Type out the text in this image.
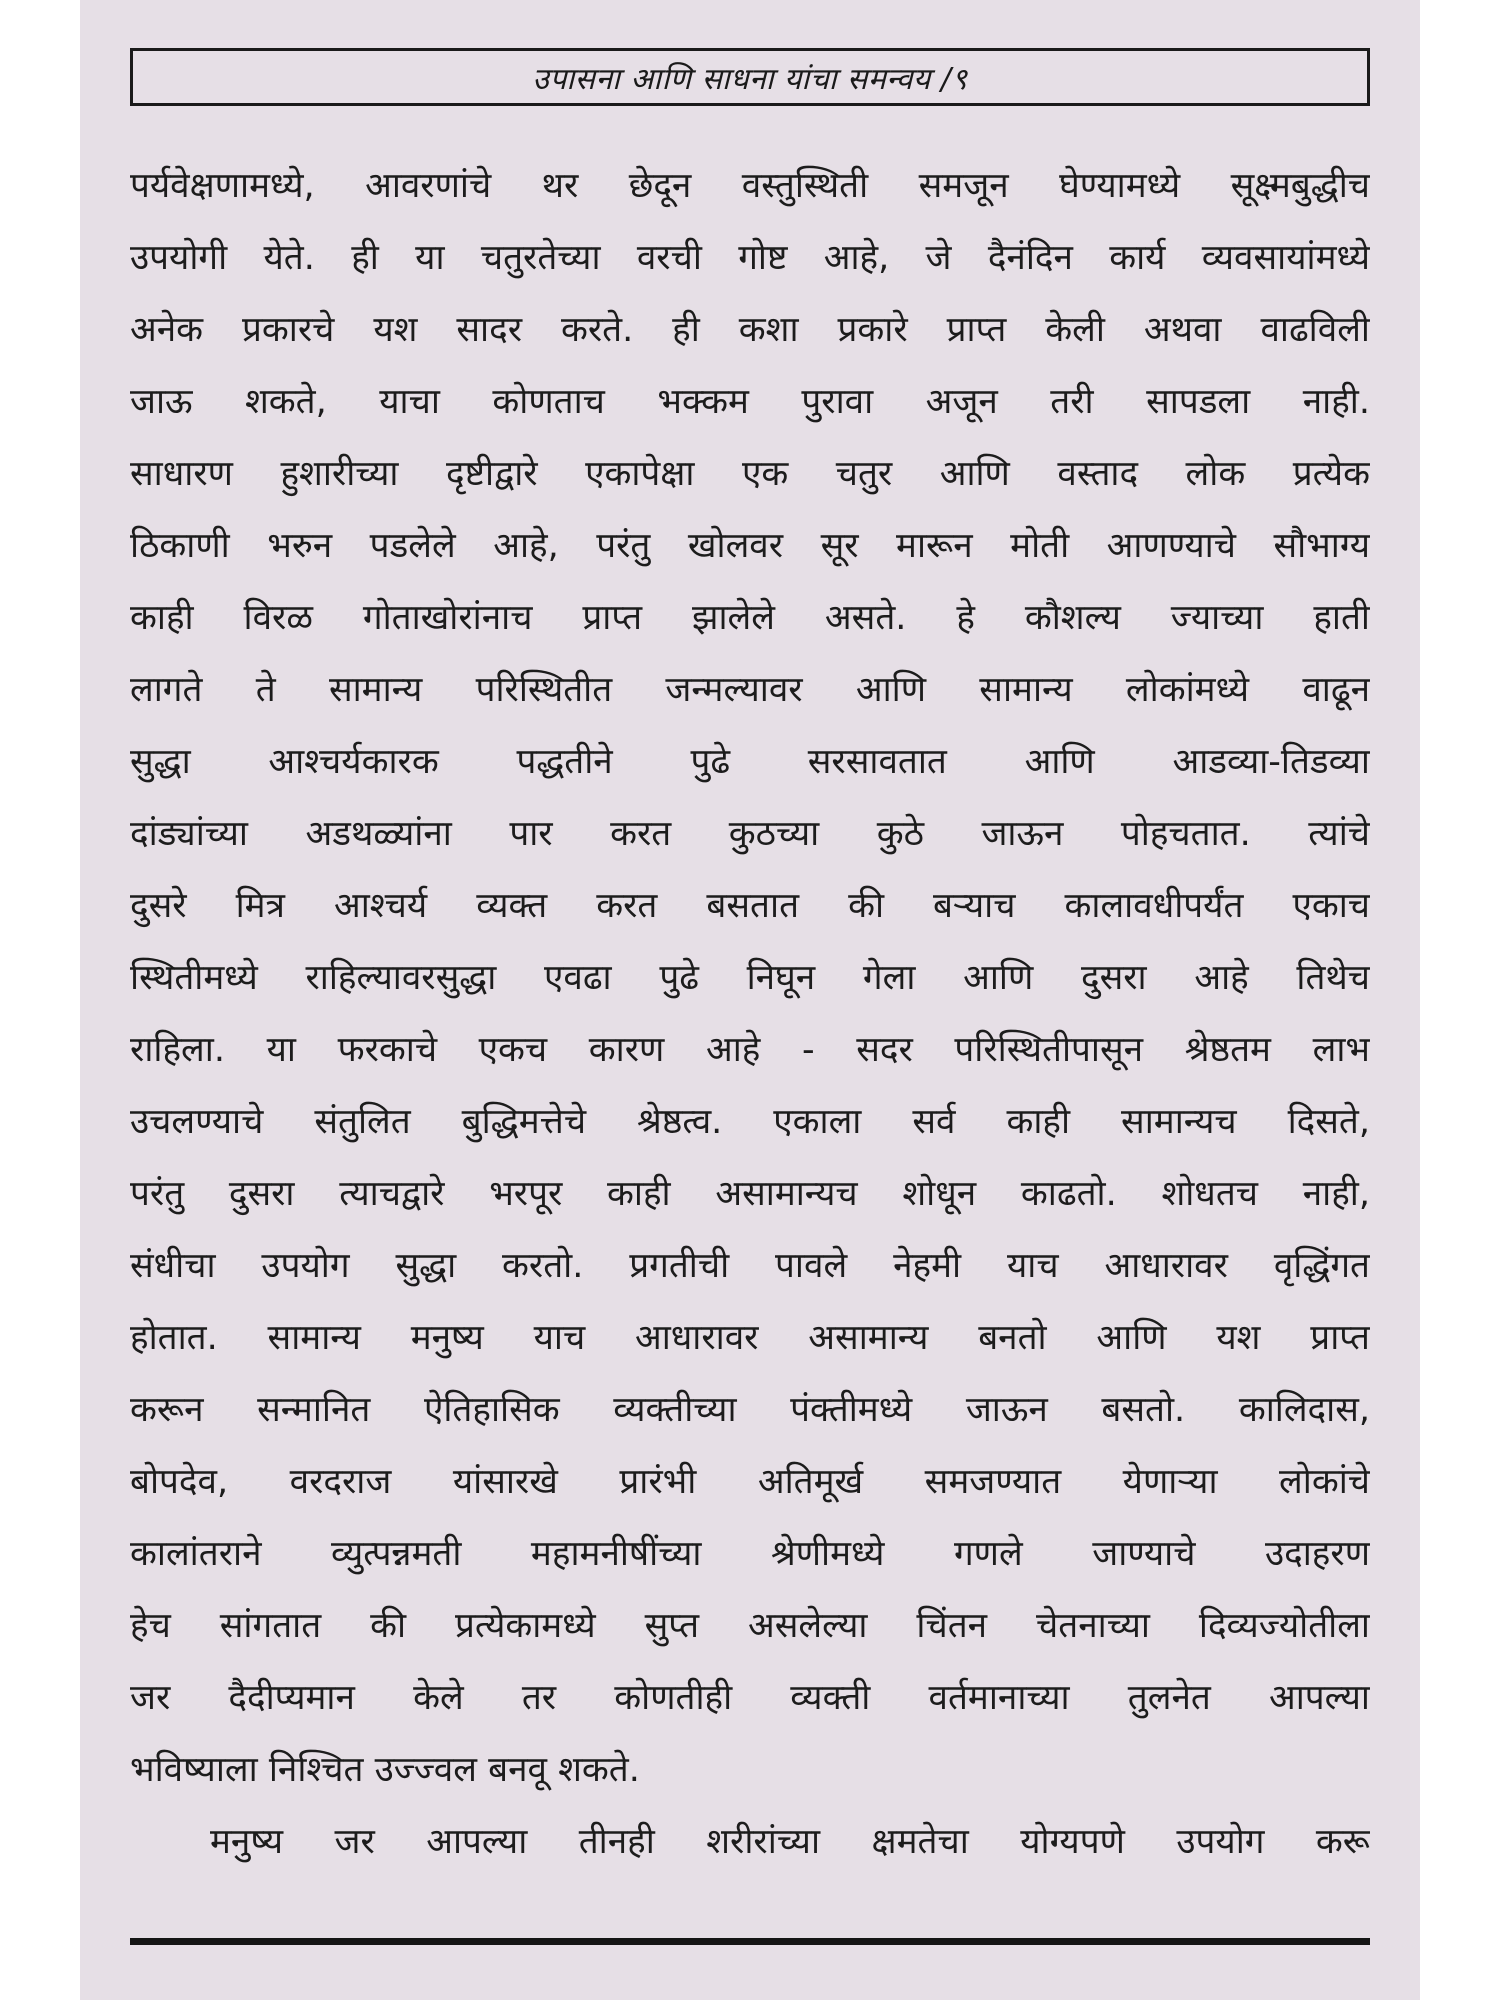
उपासना आणि साधना यांचा समन्वय /९
पर्यवेक्षणामध्ये, आवरणांचे थर छेदून वस्तुस्थिती समजून घेण्यामध्ये सूक्ष्मबुद्धीच
उपयोगी येते. ही या चतुरतेच्या वरची गोष्ट आहे, जे दैनंदिन कार्य व्यवसायांमध्ये
अनेक प्रकारचे यश सादर करते. ही कशा प्रकारे प्राप्त केली अथवा वाढविली
जाऊ शकते, याचा कोणताच भक्कम पुरावा अजून तरी सापडला नाही.
साधारण हुशारीच्या दृष्टीद्वारे एकापेक्षा एक चतुर आणि वस्ताद लोक प्रत्येक
ठिकाणी भरुन पडलेले आहे, परंतु खोलवर सूर मारून मोती आणण्याचे सौभाग्य
काही विरळ गोताखोरांनाच प्राप्त झालेले असते. हे कौशल्य ज्याच्या हाती
लागते ते सामान्य परिस्थितीत जन्मल्यावर आणि सामान्य लोकांमध्ये वाढून
सुद्धा आश्चर्यकारक पद्धतीने पुढे सरसावतात आणि आडव्या-तिडव्या
दांड्यांच्या अडथळ्यांना पार करत कुठच्या कुठे जाऊन पोहचतात. त्यांचे
दुसरे मित्र आश्चर्य व्यक्त करत बसतात की बऱ्याच कालावधीपर्यंत एकाच
स्थितीमध्ये राहिल्यावरसुद्धा एवढा पुढे निघून गेला आणि दुसरा आहे तिथेच
राहिला. या फरकाचे एकच कारण आहे - सदर परिस्थितीपासून श्रेष्ठतम लाभ
उचलण्याचे संतुलित बुद्धिमत्तेचे श्रेष्ठत्व. एकाला सर्व काही सामान्यच दिसते,
परंतु दुसरा त्याचद्वारे भरपूर काही असामान्यच शोधून काढतो. शोधतच नाही,
संधीचा उपयोग सुद्धा करतो. प्रगतीची पावले नेहमी याच आधारावर वृद्धिंगत
होतात. सामान्य मनुष्य याच आधारावर असामान्य बनतो आणि यश प्राप्त
करून सन्मानित ऐतिहासिक व्यक्तीच्या पंक्तीमध्ये जाऊन बसतो. कालिदास,
बोपदेव, वरदराज यांसारखे प्रारंभी अतिमूर्ख समजण्यात येणाऱ्या लोकांचे
कालांतराने व्युत्पन्नमती महामनीषींच्या श्रेणीमध्ये गणले जाण्याचे उदाहरण
हेच सांगतात की प्रत्येकामध्ये सुप्त असलेल्या चिंतन चेतनाच्या दिव्यज्योतीला
जर दैदीप्यमान केले तर कोणतीही व्यक्ती वर्तमानाच्या तुलनेत आपल्या
भविष्याला निश्चित उज्ज्वल बनवू शकते.
मनुष्य जर आपल्या तीनही शरीरांच्या क्षमतेचा योग्यपणे उपयोग करू
